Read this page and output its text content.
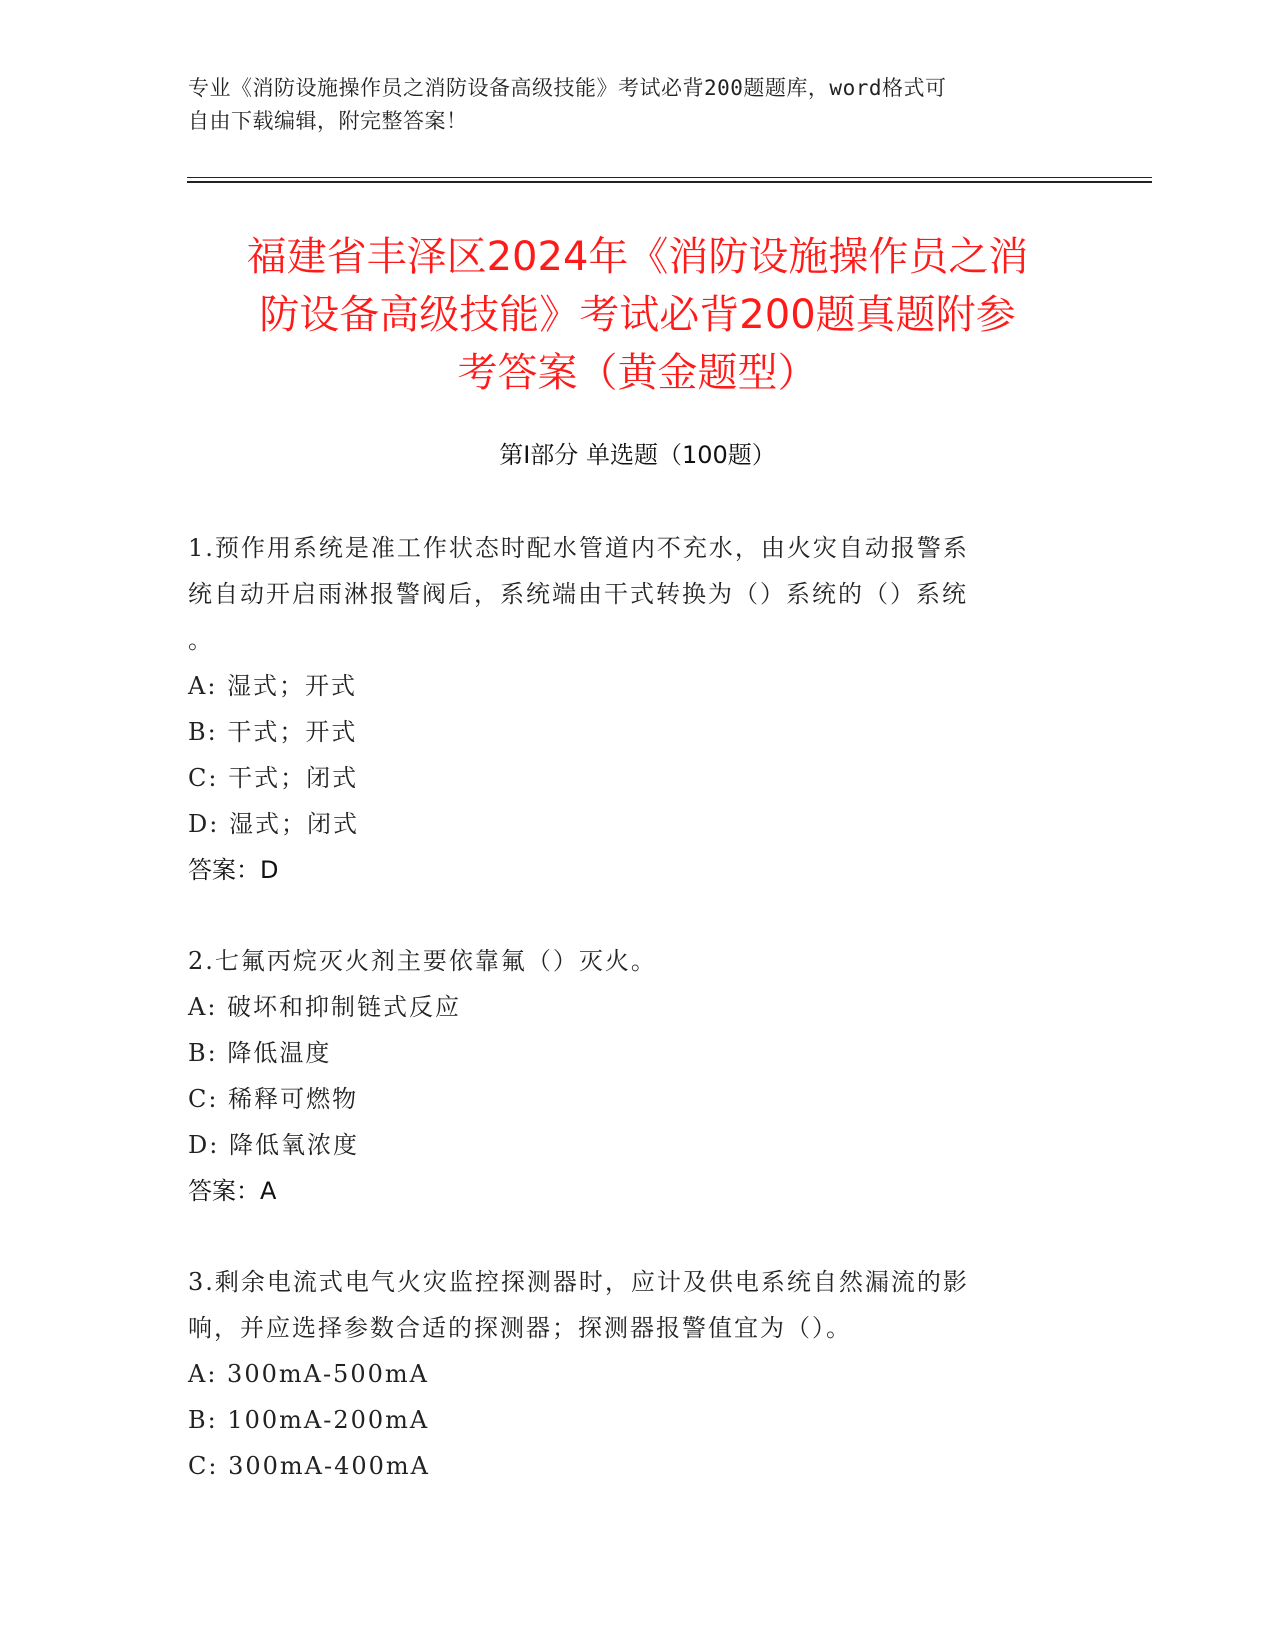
专业《消防设施操作员之消防设备高级技能》考试必背200题题库，word格式可
自由下载编辑，附完整答案！
福建省丰泽区2024年《消防设施操作员之消
防设备高级技能》考试必背200题真题附参
考答案（黄金题型）
第I部分 单选题（100题）
1.预作用系统是准工作状态时配水管道内不充水，由火灾自动报警系
统自动开启雨淋报警阀后，系统端由干式转换为（）系统的（）系统
。
A: 湿式；开式
B: 干式；开式
C: 干式；闭式
D: 湿式；闭式
答案：D
2.七氟丙烷灭火剂主要依靠氟（）灭火。
A: 破坏和抑制链式反应
B: 降低温度
C: 稀释可燃物
D: 降低氧浓度
答案：A
3.剩余电流式电气火灾监控探测器时，应计及供电系统自然漏流的影
响，并应选择参数合适的探测器；探测器报警值宜为（）。
A: 300mA-500mA
B: 100mA-200mA
C: 300mA-400mA
